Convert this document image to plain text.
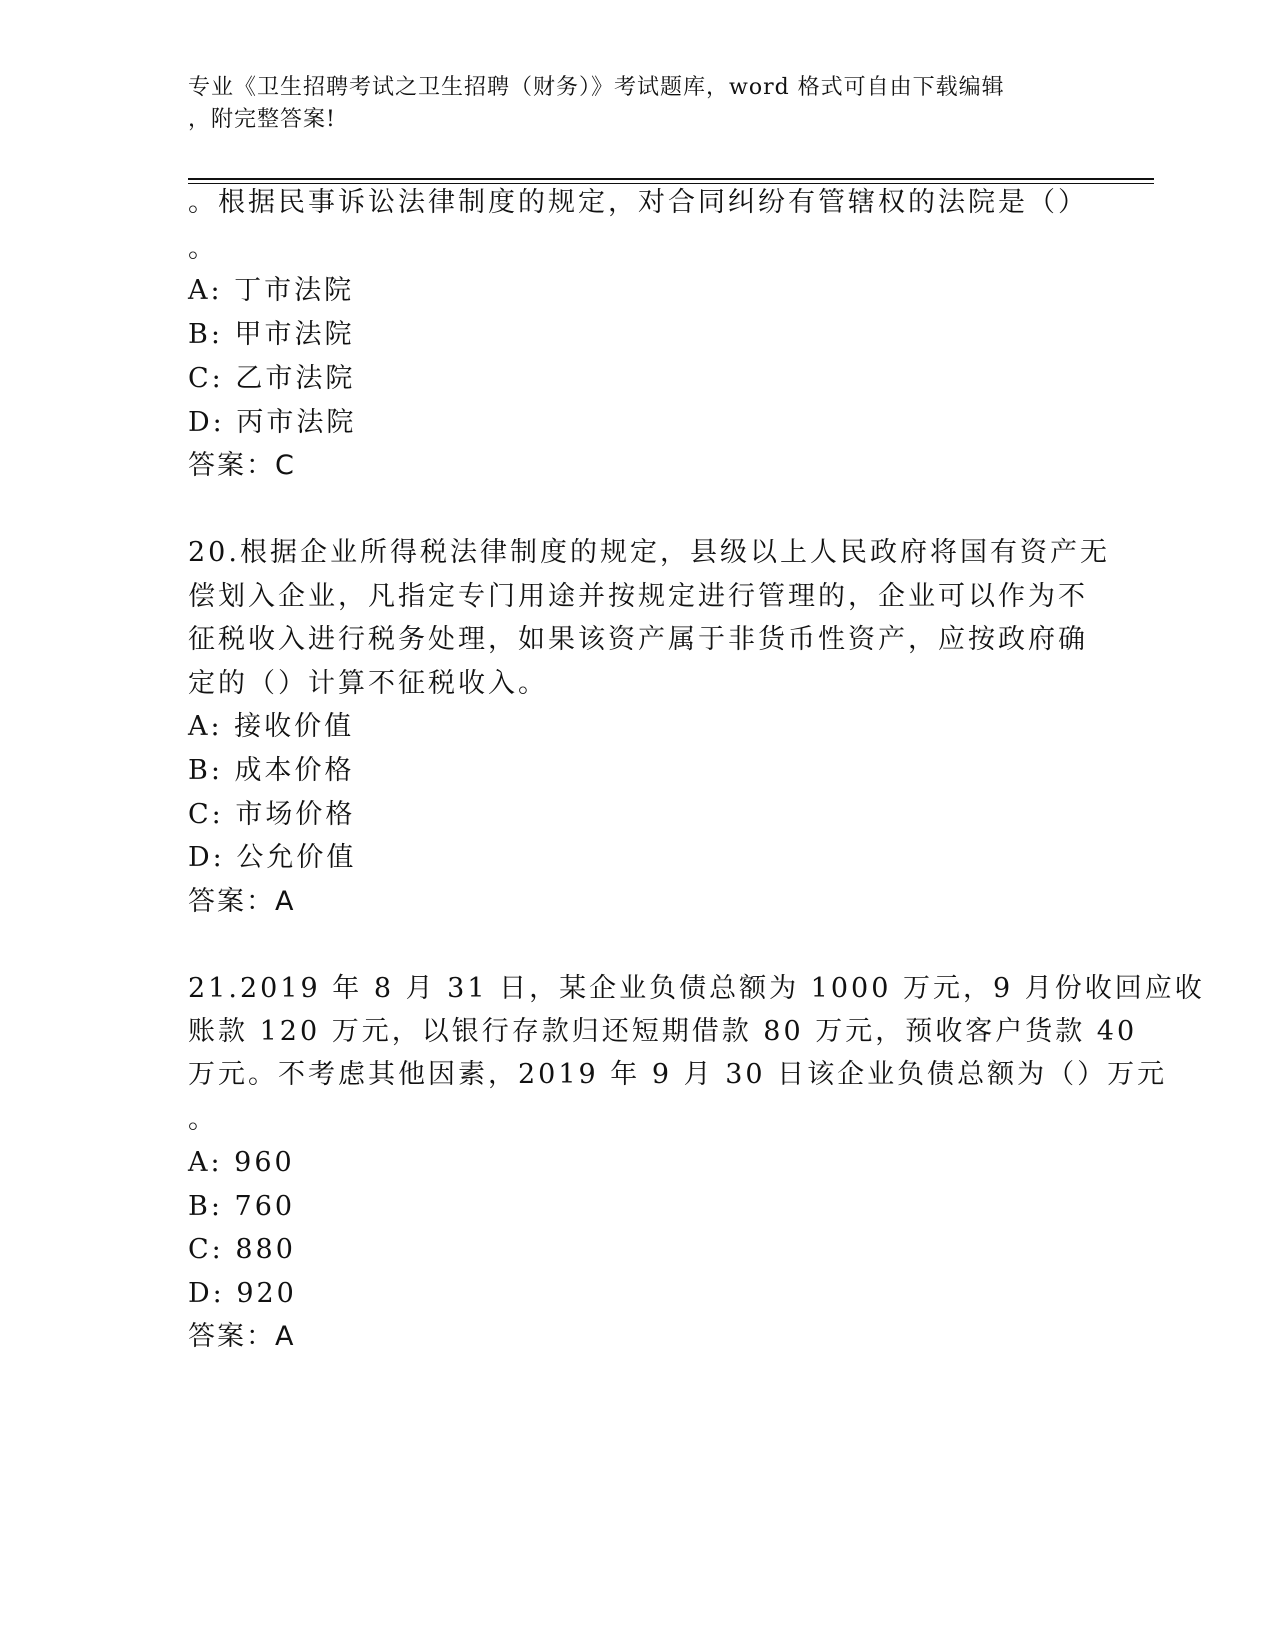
专业《卫生招聘考试之卫生招聘（财务）》考试题库，word 格式可自由下载编辑
，附完整答案!
。根据民事诉讼法律制度的规定，对合同纠纷有管辖权的法院是（）
。
A: 丁市法院
B: 甲市法院
C: 乙市法院
D: 丙市法院
答案：C
20.根据企业所得税法律制度的规定，县级以上人民政府将国有资产无
偿划入企业，凡指定专门用途并按规定进行管理的，企业可以作为不
征税收入进行税务处理，如果该资产属于非货币性资产，应按政府确
定的（）计算不征税收入。
A: 接收价值
B: 成本价格
C: 市场价格
D: 公允价值
答案：A
21.2019 年 8 月 31 日，某企业负债总额为 1000 万元，9 月份收回应收
账款 120 万元，以银行存款归还短期借款 80 万元，预收客户货款 40
万元。不考虑其他因素，2019 年 9 月 30 日该企业负债总额为（）万元
。
A: 960
B: 760
C: 880
D: 920
答案：A
